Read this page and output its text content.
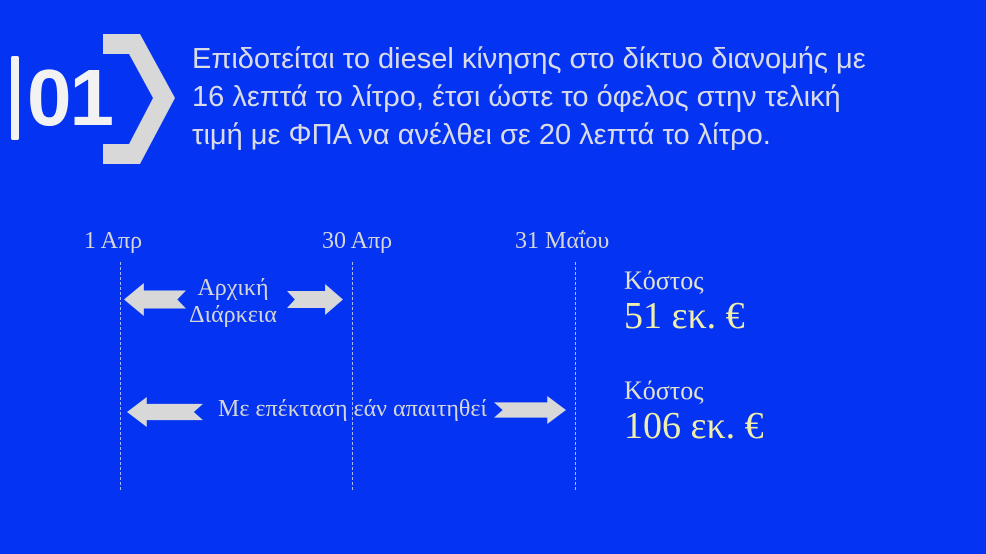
01	Επιδοτείται το diesel κίνησης στο δίκτυο διανομής με
16 λεπτά το λίτρο, έτσι ώστε το όφελος στην τελική
τιμή με ΦΠΑ να ανέλθει σε 20 λεπτά το λίτρο.
1 Απρ	30 Απρ	31 Μαΐου
Αρχική
Διάρκεια
Με επέκταση εάν απαιτηθεί
Κόστος
51 εκ. €
Κόστος
106 εκ. €
